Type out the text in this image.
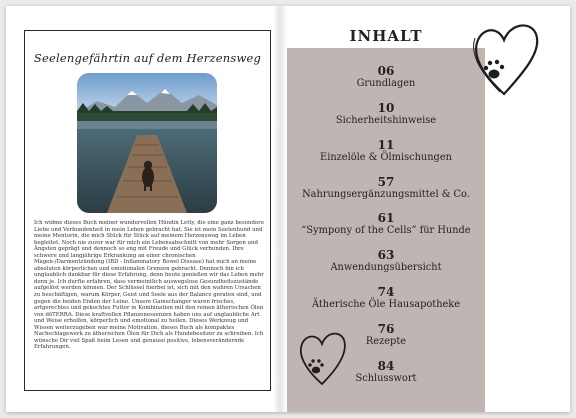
Seelengefährtin auf dem Herzensweg
Ich widme dieses Buch meiner wundervollen Hündin Letty, die eine ganz besondere Liebe und Verbundenheit in mein Leben gebracht hat. Sie ist mein Seelenhund und meine Mentorin, die mich Stück für Stück auf meinem Herzensweg im Leben begleitet. Noch nie zuvor war für mich ein Lebensabschnitt von mehr Sorgen und Ängsten geprägt und dennoch so eng mit Freude und Glück verbunden. Ihre schwere und langjährige Erkrankung an einer chronischen Magen-/Darmentzündung (IBD - Inflammatory Bowel Disease) hat mich an meine absoluten körperlichen und emotionalen Grenzen gebracht. Dennoch bin ich unglaublich dankbar für diese Erfahrung, denn heute genießen wir das Leben mehr denn je. Ich durfte erfahren, dass vermeintlich auswegslose Gesundheitszustände aufgelöst werden können. Der Schlüssel hierbei ist, sich mit den wahren Ursachen zu beschäftigen, warum Körper, Geist und Seele aus der Balance geraten sind, und gegen die beiden Enden der Leine. Unsere Gamechanger waren frisches, artgerechtes und gekochtes Futter in Kombination mit den reinen ätherischen Ölen von dōTERRA. Diese kraftvollen Pflanzenessenzen haben uns auf unglaubliche Art und Weise erholfen, körperlich und emotional zu heilen. Dieses Werkzeug und Wissen weiterzugeben war meine Motivation, dieses Buch als kompaktes Nachschlagewerk zu ätherischen Ölen für Dich als Hundebesitzer zu schreiben. Ich wünsche Dir viel Spaß beim Lesen und genauso positive, lebensverändernde Erfahrungen.
INHALT
06
Grundlagen
10
Sicherheitshinweise
11
Einzelöle & Ölmischungen
57
Nahrungsergänzungsmittel & Co.
61
“Sympony of the Cells” für Hunde
63
Anwendungsübersicht
74
Ätherische Öle Hausapotheke
76
Rezepte
84
Schlusswort
